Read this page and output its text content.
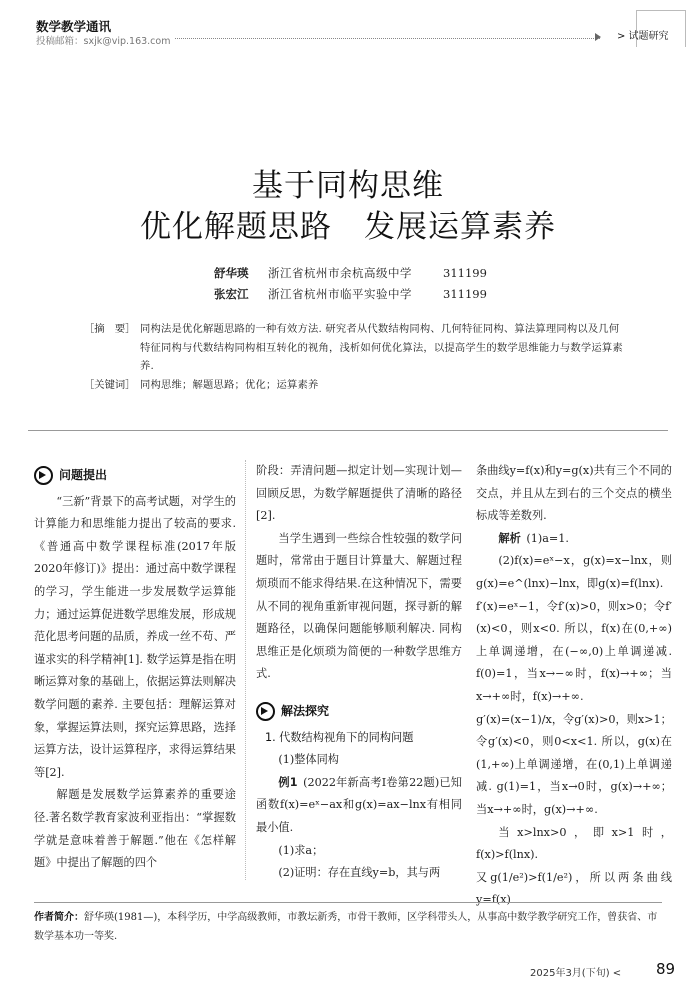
数学教学通讯
投稿邮箱：sxjk@vip.163.com	> 试题研究
基于同构思维
优化解题思路　发展运算素养
舒华瑛 浙江省杭州市余杭高级中学	311199
张宏江 浙江省杭州市临平实验中学	311199
［摘　要］ 同构法是优化解题思路的一种有效方法. 研究者从代数结构同构、几何特征同构、算法算理同构以及几何特征同构与代数结构同构相互转化的视角，浅析如何优化算法，以提高学生的数学思维能力与数学运算素养.
［关键词］ 同构思维；解题思路；优化；运算素养
问题提出

“三新”背景下的高考试题，对学生的计算能力和思维能力提出了较高的要求.《普通高中数学课程标准(2017年版2020年修订)》提出：通过高中数学课程的学习，学生能进一步发展数学运算能力；通过运算促进数学思维发展，形成规范化思考问题的品质，养成一丝不苟、严谨求实的科学精神[1]. 数学运算是指在明晰运算对象的基础上，依据运算法则解决数学问题的素养. 主要包括：理解运算对象，掌握运算法则，探究运算思路，选择运算方法，设计运算程序，求得运算结果等[2].

解题是发展数学运算素养的重要途径.著名数学教育家波利亚指出：“掌握数学就是意味着善于解题.”他在《怎样解题》中提出了解题的四个

阶段：弄清问题—拟定计划—实现计划—回顾反思，为数学解题提供了清晰的路径[2].

当学生遇到一些综合性较强的数学问题时，常常由于题目计算量大、解题过程烦琐而不能求得结果.在这种情况下，需要从不同的视角重新审视问题，探寻新的解题路径，以确保问题能够顺利解决. 同构思维正是化烦琐为简便的一种数学思维方式.

解法探究
1. 代数结构视角下的同构问题

(1)整体同构

例1  (2022年新高考Ⅰ卷第22题)已知函数f(x)=eˣ−ax和g(x)=ax−lnx有相同最小值.

(1)求a；

(2)证明：存在直线y=b，其与两

条曲线y=f(x)和y=g(x)共有三个不同的交点，并且从左到右的三个交点的横坐标成等差数列.

解析  (1)a=1.

(2)f(x)=eˣ−x，g(x)=x−lnx，则g(x)=e^(lnx)−lnx，即g(x)=f(lnx).

f′(x)=eˣ−1，令f′(x)>0，则x>0；令f′(x)<0，则x<0. 所以，f(x)在(0,+∞)上单调递增，在(−∞,0)上单调递减. f(0)=1，当x→−∞时，f(x)→+∞；当x→+∞时，f(x)→+∞.

g′(x)=(x−1)/x，令g′(x)>0，则x>1；

令g′(x)<0，则0<x<1. 所以，g(x)在(1,+∞)上单调递增，在(0,1)上单调递减. g(1)=1，当x→0时，g(x)→+∞；当x→+∞时，g(x)→+∞.

当x>lnx>0，即x>1时，f(x)>f(lnx).

又g(1/e²)>f(1/e²)，所以两条曲线y=f(x)

作者简介：舒华瑛(1981—)，本科学历，中学高级教师，市教坛新秀，市骨干教师，区学科带头人，从事高中数学教学研究工作，曾获省、市数学基本功一等奖.
2025年3月(下旬) < 89
